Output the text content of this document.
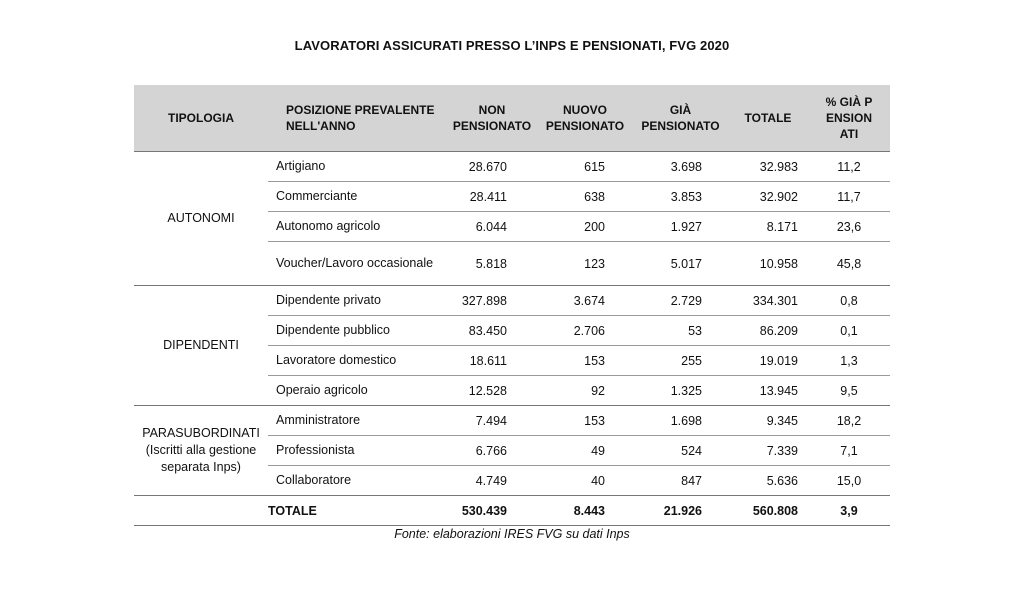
LAVORATORI ASSICURATI PRESSO L’INPS E PENSIONATI, FVG 2020
TIPOLOGIA	POSIZIONE PREVALENTE NELL'ANNO	NON PENSIONATO	NUOVO PENSIONATO	GIÀ PENSIONATO	TOTALE	% GIÀ PENSIONATI
AUTONOMI	Artigiano	28.670	615	3.698	32.983	11,2
	Commerciante	28.411	638	3.853	32.902	11,7
	Autonomo agricolo	6.044	200	1.927	8.171	23,6
	Voucher/Lavoro occasionale	5.818	123	5.017	10.958	45,8
DIPENDENTI	Dipendente privato	327.898	3.674	2.729	334.301	0,8
	Dipendente pubblico	83.450	2.706	53	86.209	0,1
	Lavoratore domestico	18.611	153	255	19.019	1,3
	Operaio agricolo	12.528	92	1.325	13.945	9,5
PARASUBORDINATI (Iscritti alla gestione separata Inps)	Amministratore	7.494	153	1.698	9.345	18,2
	Professionista	6.766	49	524	7.339	7,1
	Collaboratore	4.749	40	847	5.636	15,0
	TOTALE	530.439	8.443	21.926	560.808	3,9
Fonte: elaborazioni IRES FVG su dati Inps
